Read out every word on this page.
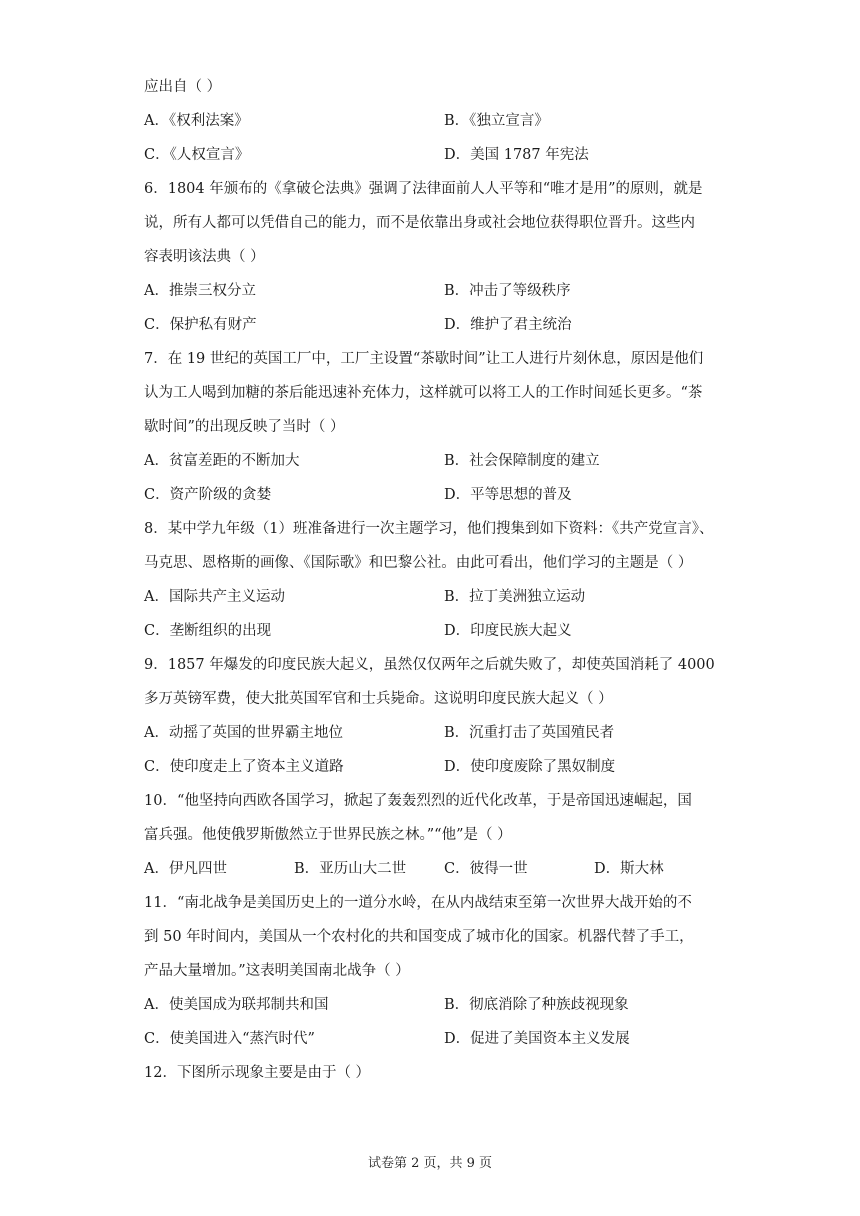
应出自（ ）
A．《权利法案》	B．《独立宣言》
C．《人权宣言》	D．美国 1787 年宪法
6．1804 年颁布的《拿破仑法典》强调了法律面前人人平等和“唯才是用”的原则，就是
说，所有人都可以凭借自己的能力，而不是依靠出身或社会地位获得职位晋升。这些内
容表明该法典（ ）
A．推崇三权分立	B．冲击了等级秩序
C．保护私有财产	D．维护了君主统治
7．在 19 世纪的英国工厂中，工厂主设置“茶歇时间”让工人进行片刻休息，原因是他们
认为工人喝到加糖的茶后能迅速补充体力，这样就可以将工人的工作时间延长更多。“茶
歇时间”的出现反映了当时（ ）
A．贫富差距的不断加大	B．社会保障制度的建立
C．资产阶级的贪婪	D．平等思想的普及
8．某中学九年级（1）班准备进行一次主题学习，他们搜集到如下资料：《共产党宣言》、
马克思、恩格斯的画像、《国际歌》和巴黎公社。由此可看出，他们学习的主题是（ ）
A．国际共产主义运动	B．拉丁美洲独立运动
C．垄断组织的出现	D．印度民族大起义
9．1857 年爆发的印度民族大起义，虽然仅仅两年之后就失败了，却使英国消耗了 4000
多万英镑军费，使大批英国军官和士兵毙命。这说明印度民族大起义（ ）
A．动摇了英国的世界霸主地位	B．沉重打击了英国殖民者
C．使印度走上了资本主义道路	D．使印度废除了黑奴制度
10．“他坚持向西欧各国学习，掀起了轰轰烈烈的近代化改革，于是帝国迅速崛起，国
富兵强。他使俄罗斯傲然立于世界民族之林。”“他”是（ ）
A．伊凡四世	B．亚历山大二世	C．彼得一世	D．斯大林
11．“南北战争是美国历史上的一道分水岭，在从内战结束至第一次世界大战开始的不
到 50 年时间内，美国从一个农村化的共和国变成了城市化的国家。机器代替了手工，
产品大量增加。”这表明美国南北战争（ ）
A．使美国成为联邦制共和国	B．彻底消除了种族歧视现象
C．使美国进入“蒸汽时代”	D．促进了美国资本主义发展
12．下图所示现象主要是由于（ ）
试卷第 2 页，共 9 页
